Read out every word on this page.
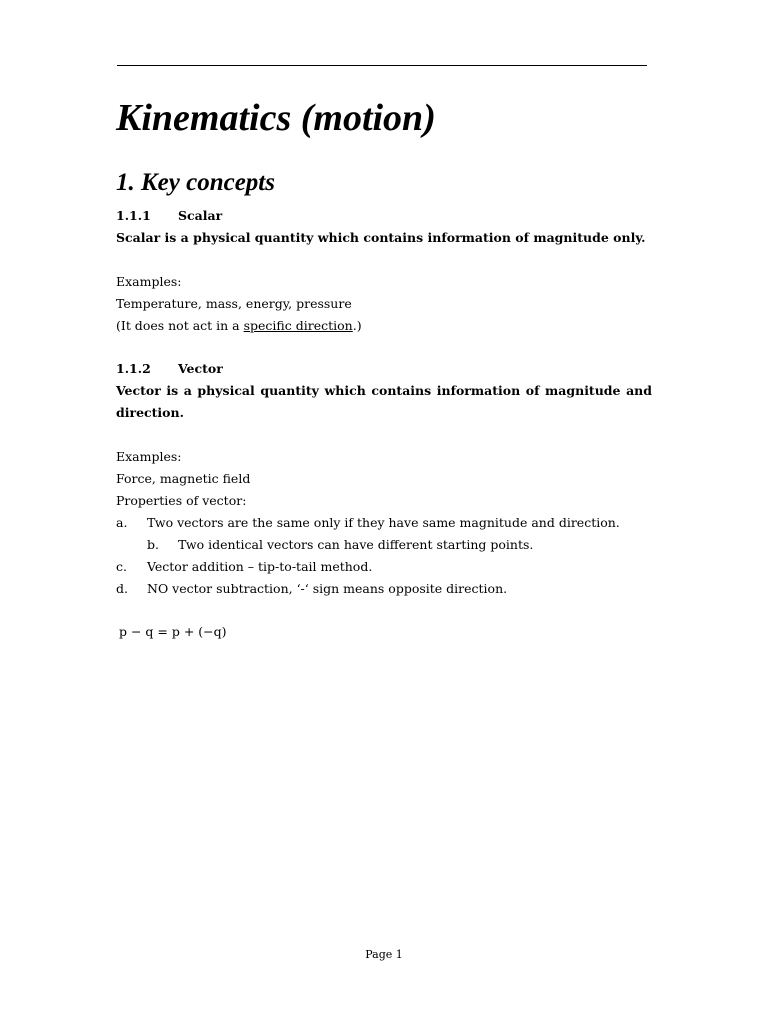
Kinematics (motion)
1. Key concepts

1.1.1 Scalar

Scalar is a physical quantity which contains information of magnitude only.

Examples:

Temperature, mass, energy, pressure

(It does not act in a specific direction.)

1.1.2 Vector

Vector is a physical quantity which contains information of magnitude and direction.

Examples:

Force, magnetic field

Properties of vector:

a. Two vectors are the same only if they have same magnitude and direction.

b. Two identical vectors can have different starting points.

c. Vector addition – tip-to-tail method.

d. NO vector subtraction, ‘-‘ sign means opposite direction.

p − q = p + (−q)

Page 1
